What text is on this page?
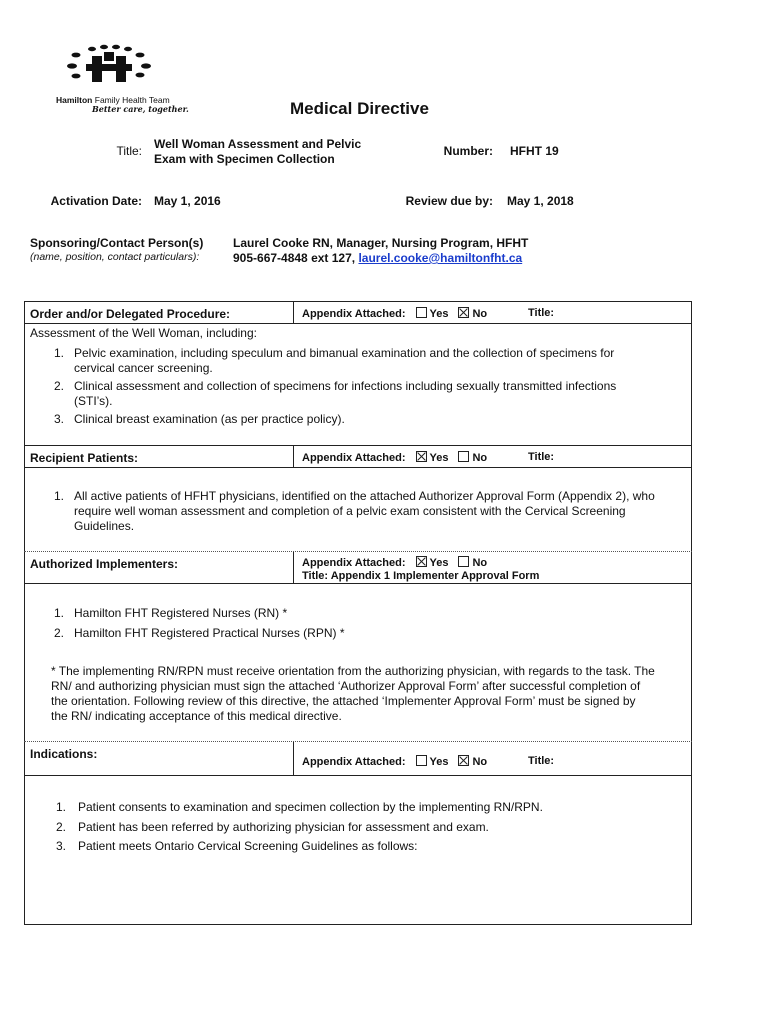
Hamilton Family Health Team
Better care, together.	Medical Directive
Title: Well Woman Assessment and Pelvic
Exam with Specimen Collection
Number: HFHT 19
Activation Date: May 1, 2016	Review due by: May 1, 2018
Sponsoring/Contact Person(s)
(name, position, contact particulars):
Laurel Cooke RN, Manager, Nursing Program, HFHT
905-667-4848 ext 127, laurel.cooke@hamiltonfht.ca
Order and/or Delegated Procedure:	Appendix Attached: Yes No	Title:
Assessment of the Well Woman, including:
1. Pelvic examination, including speculum and bimanual examination and the collection of specimens for
cervical cancer screening.
2. Clinical assessment and collection of specimens for infections including sexually transmitted infections
(STI’s).
3. Clinical breast examination (as per practice policy).
Recipient Patients:	Appendix Attached: Yes No	Title:
1. All active patients of HFHT physicians, identified on the attached Authorizer Approval Form (Appendix 2), who
require well woman assessment and completion of a pelvic exam consistent with the Cervical Screening
Guidelines.
Authorized Implementers:	Appendix Attached: Yes No
Title: Appendix 1 Implementer Approval Form
1. Hamilton FHT Registered Nurses (RN) *
2. Hamilton FHT Registered Practical Nurses (RPN) *
* The implementing RN/RPN must receive orientation from the authorizing physician, with regards to the task. The
RN/ and authorizing physician must sign the attached ‘Authorizer Approval Form’ after successful completion of
the orientation. Following review of this directive, the attached ‘Implementer Approval Form’ must be signed by
the RN/ indicating acceptance of this medical directive.
Indications:
Appendix Attached: Yes No	Title:
1. Patient consents to examination and specimen collection by the implementing RN/RPN.
2. Patient has been referred by authorizing physician for assessment and exam.
3. Patient meets Ontario Cervical Screening Guidelines as follows:
